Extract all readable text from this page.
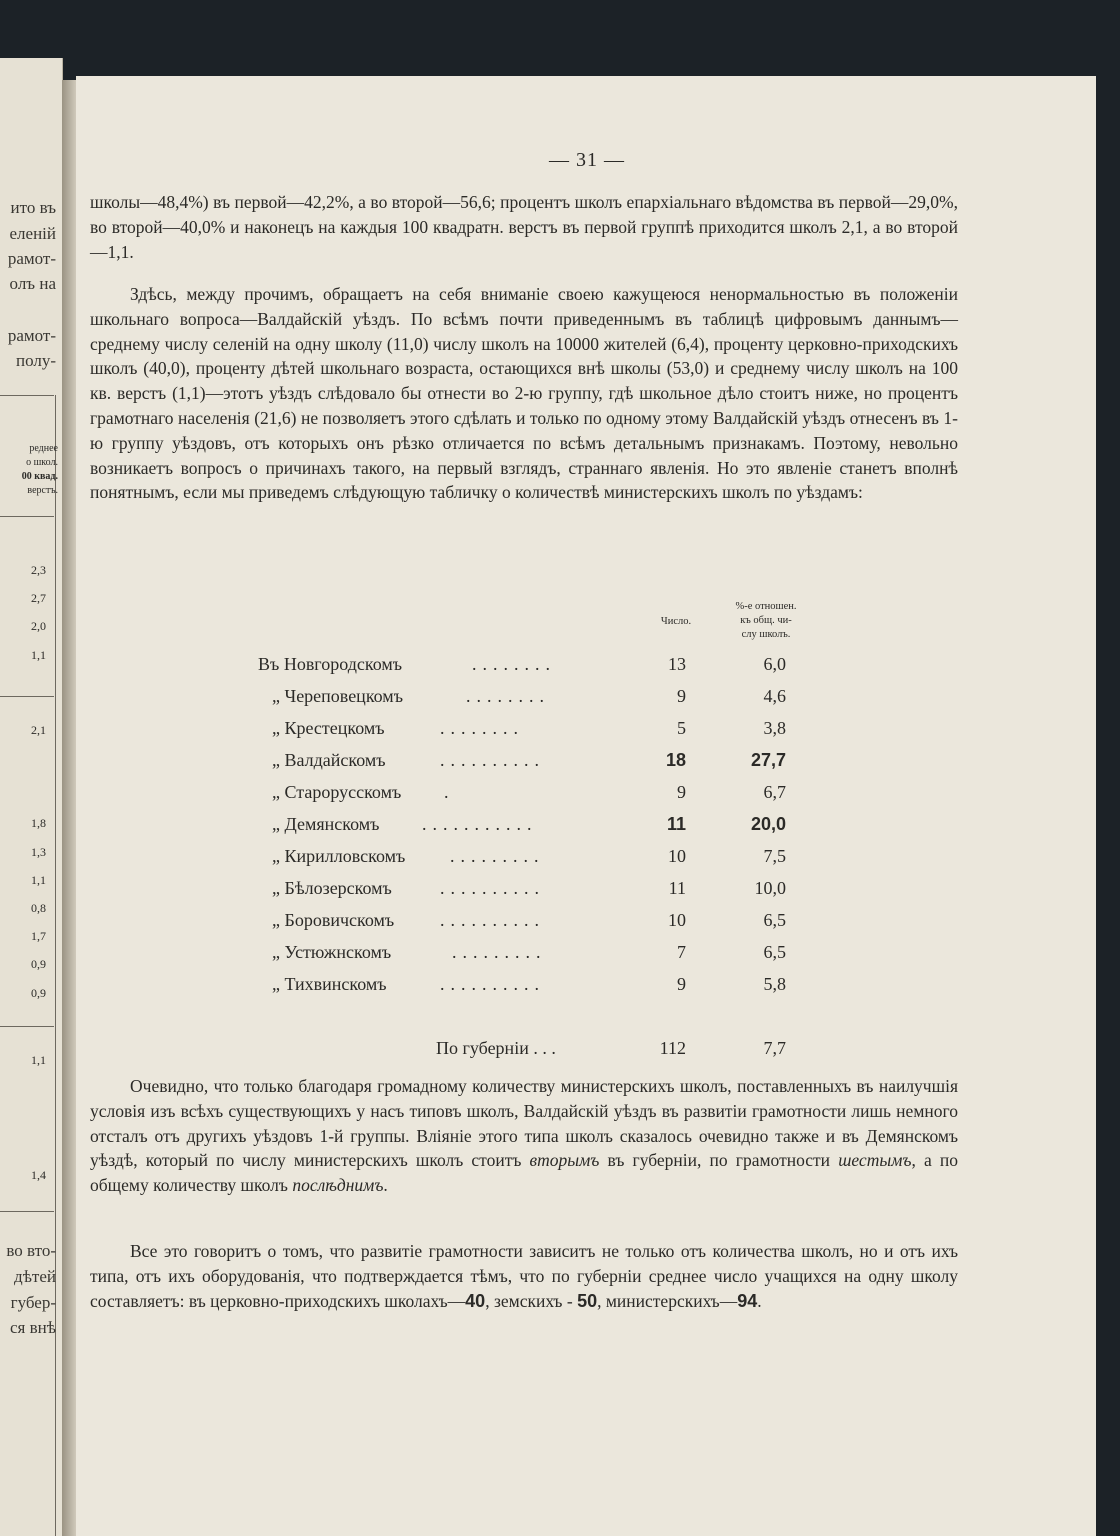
ито въ
еленій
рамот-
олъ на
рамот-
полу-
реднее
о школ.
00 квад.
верстъ.
2,3
2,7
2,0
1,1
2,1
1,8
1,3
1,1
0,8
1,7
0,9
0,9
1,1
1,4
во вто-
дѣтей
губер-
ся внѣ
— 31 —
школы—48,4%) въ первой—42,2%, а во второй—56,6; процентъ школъ епархіальнаго вѣдомства въ первой—29,0%, во второй—40,0% и наконецъ на каждыя 100 квадратн. верстъ въ первой группѣ приходится школъ 2,1, а во второй—1,1.
Здѣсь, между прочимъ, обращаетъ на себя вниманіе своею кажущеюся ненормальностью въ положеніи школьнаго вопроса—Валдайскій уѣздъ. По всѣмъ почти приведеннымъ въ таблицѣ цифровымъ даннымъ—среднему числу селеній на одну школу (11,0) числу школъ на 10000 жителей (6,4), проценту церковно-приходскихъ школъ (40,0), проценту дѣтей школьнаго возраста, остающихся внѣ школы (53,0) и среднему числу школъ на 100 кв. верстъ (1,1)—этотъ уѣздъ слѣдовало бы отнести во 2-ю группу, гдѣ школьное дѣло стоитъ ниже, но процентъ грамотнаго населенія (21,6) не позволяетъ этого сдѣлать и только по одному этому Валдайскій уѣздъ отнесенъ въ 1-ю группу уѣздовъ, отъ которыхъ онъ рѣзко отличается по всѣмъ детальнымъ признакамъ. Поэтому, невольно возникаетъ вопросъ о причинахъ такого, на первый взглядъ, страннаго явленія. Но это явленіе станетъ вполнѣ понятнымъ, если мы приведемъ слѣдующую табличку о количествѣ министерскихъ школъ по уѣздамъ:
Число.
%-е отношен.
къ общ. чи-
слу школъ.
Въ Новгородскомъ	........	13	6,0
„ Череповецкомъ	........	9	4,6
„ Крестецкомъ	........	5	3,8
„ Валдайскомъ	..........	18	27,7
„ Старорусскомъ .	9	6,7
„ Демянскомъ ...........	11	20,0
„ Кирилловскомъ .........	10	7,5
„ Бѣлозерскомъ	..........	11	10,0
„ Боровичскомъ	..........	10	6,5
„ Устюжнскомъ	.........	7	6,5
„ Тихвинскомъ	..........	9	5,8
По губерніи . . .	112	7,7
Очевидно, что только благодаря громадному количеству министерскихъ школъ, поставленныхъ въ наилучшія условія изъ всѣхъ существующихъ у насъ типовъ школъ, Валдайскій уѣздъ въ развитіи грамотности лишь немного отсталъ отъ другихъ уѣздовъ 1-й группы. Вліяніе этого типа школъ сказалось очевидно также и въ Демянскомъ уѣздѣ, который по числу министерскихъ школъ стоитъ вторымъ въ губерніи, по грамотности шестымъ, а по общему количеству школъ послѣднимъ.
Все это говоритъ о томъ, что развитіе грамотности зависитъ не только отъ количества школъ, но и отъ ихъ типа, отъ ихъ оборудованія, что подтверждается тѣмъ, что по губерніи среднее число учащихся на одну школу составляетъ: въ церковно-приходскихъ школахъ—40, земскихъ - 50, министерскихъ—94.
